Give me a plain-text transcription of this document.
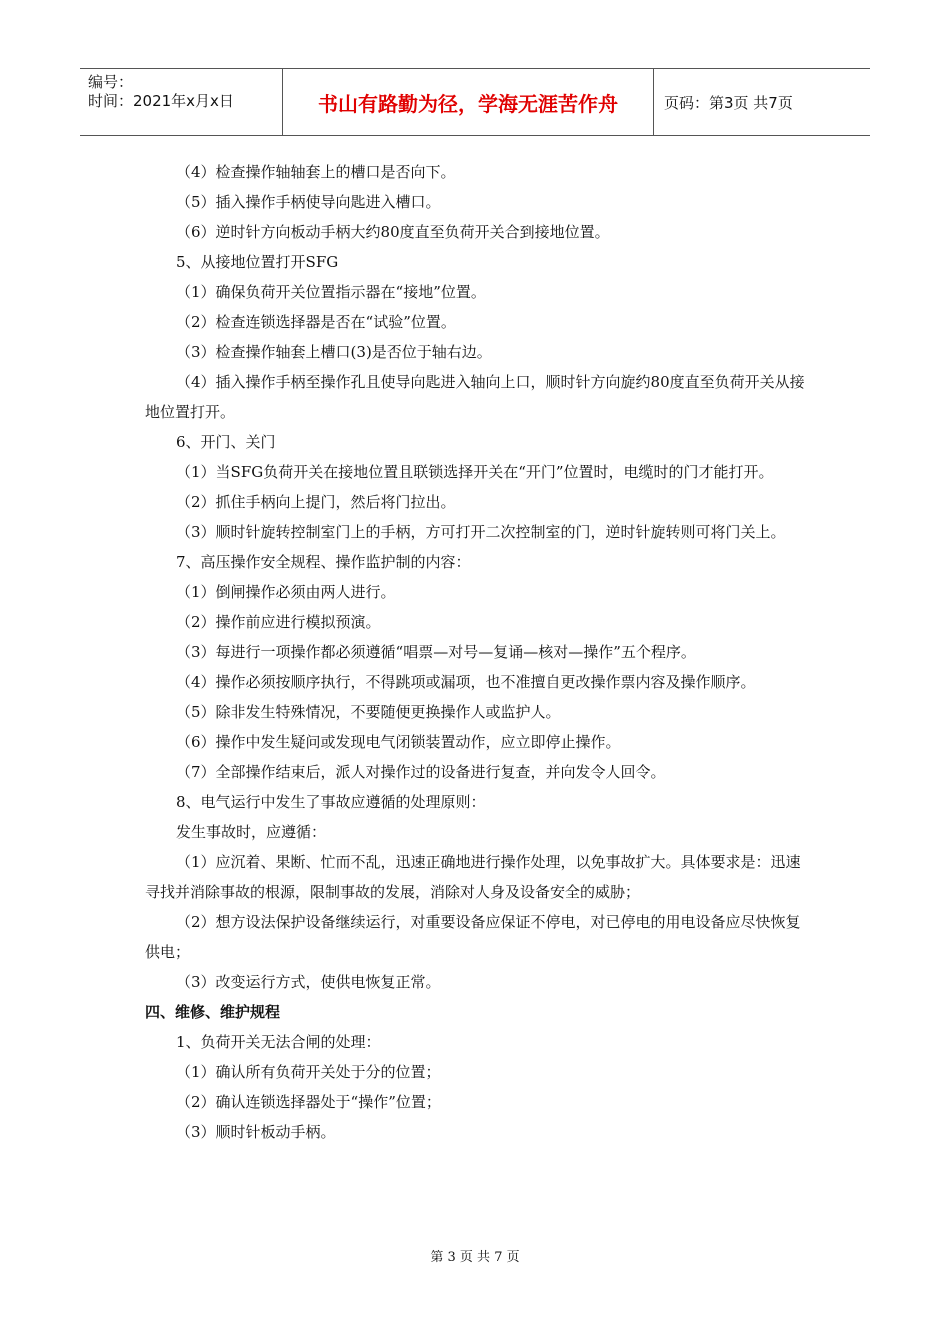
编号：
时间：2021年x月x日	书山有路勤为径，学海无涯苦作舟	页码：第3页 共7页

（4）检查操作轴轴套上的槽口是否向下。

（5）插入操作手柄使导向匙进入槽口。

（6）逆时针方向板动手柄大约80度直至负荷开关合到接地位置。

5、从接地位置打开SFG

（1）确保负荷开关位置指示器在“接地”位置。

（2）检查连锁选择器是否在“试验”位置。

（3）检查操作轴套上槽口(3)是否位于轴右边。

（4）插入操作手柄至操作孔且使导向匙进入轴向上口，顺时针方向旋约80度直至负荷开关从接地位置打开。

6、开门、关门

（1）当SFG负荷开关在接地位置且联锁选择开关在“开门”位置时，电缆时的门才能打开。

（2）抓住手柄向上提门，然后将门拉出。

（3）顺时针旋转控制室门上的手柄，方可打开二次控制室的门，逆时针旋转则可将门关上。

7、高压操作安全规程、操作监护制的内容：

（1）倒闸操作必须由两人进行。

（2）操作前应进行模拟预演。

（3）每进行一项操作都必须遵循“唱票—对号—复诵—核对—操作”五个程序。

（4）操作必须按顺序执行，不得跳项或漏项，也不准擅自更改操作票内容及操作顺序。

（5）除非发生特殊情况，不要随便更换操作人或监护人。

（6）操作中发生疑问或发现电气闭锁装置动作，应立即停止操作。

（7）全部操作结束后，派人对操作过的设备进行复查，并向发令人回令。

8、电气运行中发生了事故应遵循的处理原则：

发生事故时，应遵循：

（1）应沉着、果断、忙而不乱，迅速正确地进行操作处理，以免事故扩大。具体要求是：迅速寻找并消除事故的根源，限制事故的发展，消除对人身及设备安全的威胁；

（2）想方设法保护设备继续运行，对重要设备应保证不停电，对已停电的用电设备应尽快恢复供电；

（3）改变运行方式，使供电恢复正常。

四、维修、维护规程

1、负荷开关无法合闸的处理：

（1）确认所有负荷开关处于分的位置；

（2）确认连锁选择器处于“操作”位置；

（3）顺时针板动手柄。

第 3 页 共 7 页
